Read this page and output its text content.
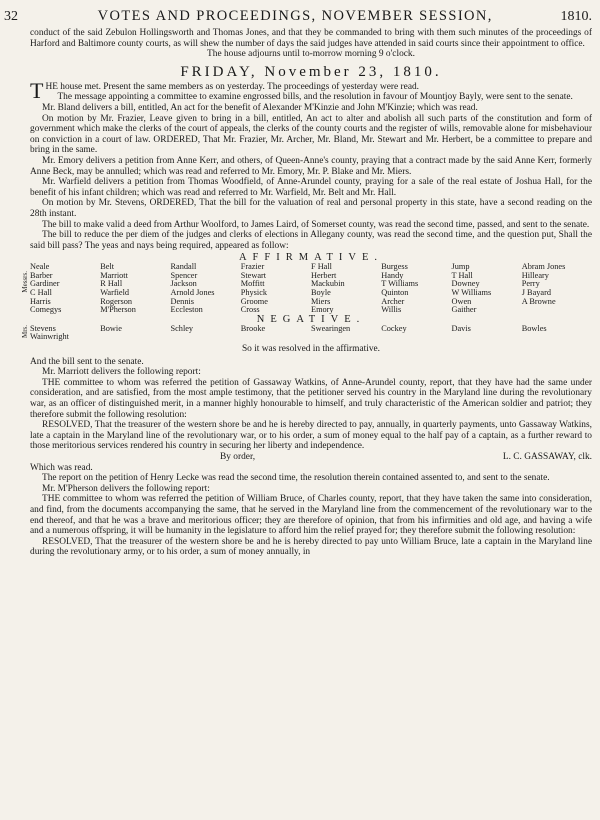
32	VOTES AND PROCEEDINGS, NOVEMBER SESSION,	1810.

conduct of the said Zebulon Hollingsworth and Thomas Jones, and that they be commanded to bring with them such minutes of the proceedings of Harford and Baltimore county courts, as will shew the number of days the said judges have attended in said courts since their appointment to office.

The house adjourns until to-morrow morning 9 o'clock.

FRIDAY, November 23, 1810.

THE house met. Present the same members as on yesterday. The proceedings of yesterday were read.

The message appointing a committee to examine engrossed bills, and the resolution in favour of Mountjoy Bayly, were sent to the senate.

Mr. Bland delivers a bill, entitled, An act for the benefit of Alexander M'Kinzie and John M'Kinzie; which was read.

On motion by Mr. Frazier, Leave given to bring in a bill, entitled, An act to alter and abolish all such parts of the constitution and form of government which make the clerks of the court of appeals, the clerks of the county courts and the register of wills, removable alone for misbehaviour on conviction in a court of law. ORDERED, That Mr. Frazier, Mr. Archer, Mr. Bland, Mr. Stewart and Mr. Herbert, be a committee to prepare and bring in the same.

Mr. Emory delivers a petition from Anne Kerr, and others, of Queen-Anne's county, praying that a contract made by the said Anne Kerr, formerly Anne Beck, may be annulled; which was read and referred to Mr. Emory, Mr. P. Blake and Mr. Miers.

Mr. Warfield delivers a petition from Thomas Woodfield, of Anne-Arundel county, praying for a sale of the real estate of Joshua Hall, for the benefit of his infant children; which was read and referred to Mr. Warfield, Mr. Belt and Mr. Hall.

On motion by Mr. Stevens, ORDERED, That the bill for the valuation of real and personal property in this state, have a second reading on the 28th instant.

The bill to make valid a deed from Arthur Woolford, to James Laird, of Somerset county, was read the second time, passed, and sent to the senate.

The bill to reduce the per diem of the judges and clerks of elections in Allegany county, was read the second time, and the question put, Shall the said bill pass? The yeas and nays being required, appeared as follow:

AFFIRMATIVE.
Messrs.
Neale	Belt	Randall	Frazier	F Hall	Burgess	Jump	Abram Jones
Barber	Marriott	Spencer	Stewart	Herbert	Handy	T Hall	Hilleary
Gardiner	R Hall	Jackson	Moffitt	Mackubin	T Williams	Downey	Perry
C Hall	Warfield	Arnold Jones	Physick	Boyle	Quinton	W Williams	J Bayard
Harris	Rogerson	Dennis	Groome	Miers	Archer	Owen	A Browne
Comegys	M'Pherson	Eccleston	Cross	Emory	Willis	Gaither	
NEGATIVE.
Mrs. Stevens	Bowie	Schley	Brooke	Swearingen	Cockey	Davis	Bowles
Wainwright							
So it was resolved in the affirmative.

And the bill sent to the senate.

Mr. Marriott delivers the following report:

THE committee to whom was referred the petition of Gassaway Watkins, of Anne-Arundel county, report, that they have had the same under consideration, and are satisfied, from the most ample testimony, that the petitioner served his country in the Maryland line during the revolutionary war, as an officer of distinguished merit, in a manner highly honourable to himself, and truly characteristic of the American soldier and patriot; they therefore submit the following resolution:

RESOLVED, That the treasurer of the western shore be and he is hereby directed to pay, annually, in quarterly payments, unto Gassaway Watkins, late a captain in the Maryland line of the revolutionary war, or to his order, a sum of money equal to the half pay of a captain, as a further reward to those meritorious services rendered his country in securing her liberty and independence.

By order,	L. C. GASSAWAY, clk.

Which was read.

The report on the petition of Henry Lecke was read the second time, the resolution therein contained assented to, and sent to the senate.

Mr. M'Pherson delivers the following report:

THE committee to whom was referred the petition of William Bruce, of Charles county, report, that they have taken the same into consideration, and find, from the documents accompanying the same, that he served in the Maryland line from the commencement of the revolutionary war to the end thereof, and that he was a brave and meritorious officer; they are therefore of opinion, that from his infirmities and old age, and having a wife and a numerous offspring, it will be humanity in the legislature to afford him the relief prayed for; they therefore submit the following resolution:

RESOLVED, That the treasurer of the western shore be and he is hereby directed to pay unto William Bruce, late a captain in the Maryland line during the revolutionary army, or to his order, a sum of money annually, in
